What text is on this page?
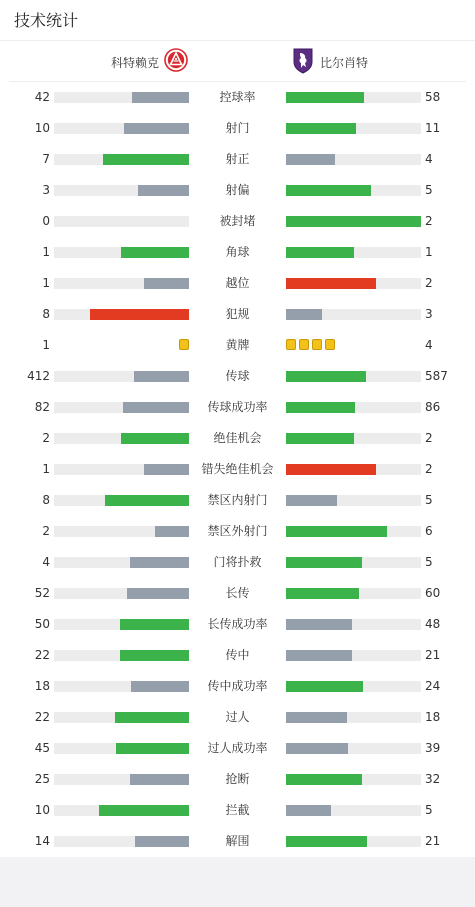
技术统计
科特赖克	比尔肖特
42	控球率	58
10	射门	11
7	射正	4
3	射偏	5
0	被封堵	2
1	角球	1
1	越位	2
8	犯规	3
1	黄牌	4
412	传球	587
82	传球成功率	86
2	绝佳机会	2
1	错失绝佳机会	2
8	禁区内射门	5
2	禁区外射门	6
4	门将扑救	5
52	长传	60
50	长传成功率	48
22	传中	21
18	传中成功率	24
22	过人	18
45	过人成功率	39
25	抢断	32
10	拦截	5
14	解围	21
